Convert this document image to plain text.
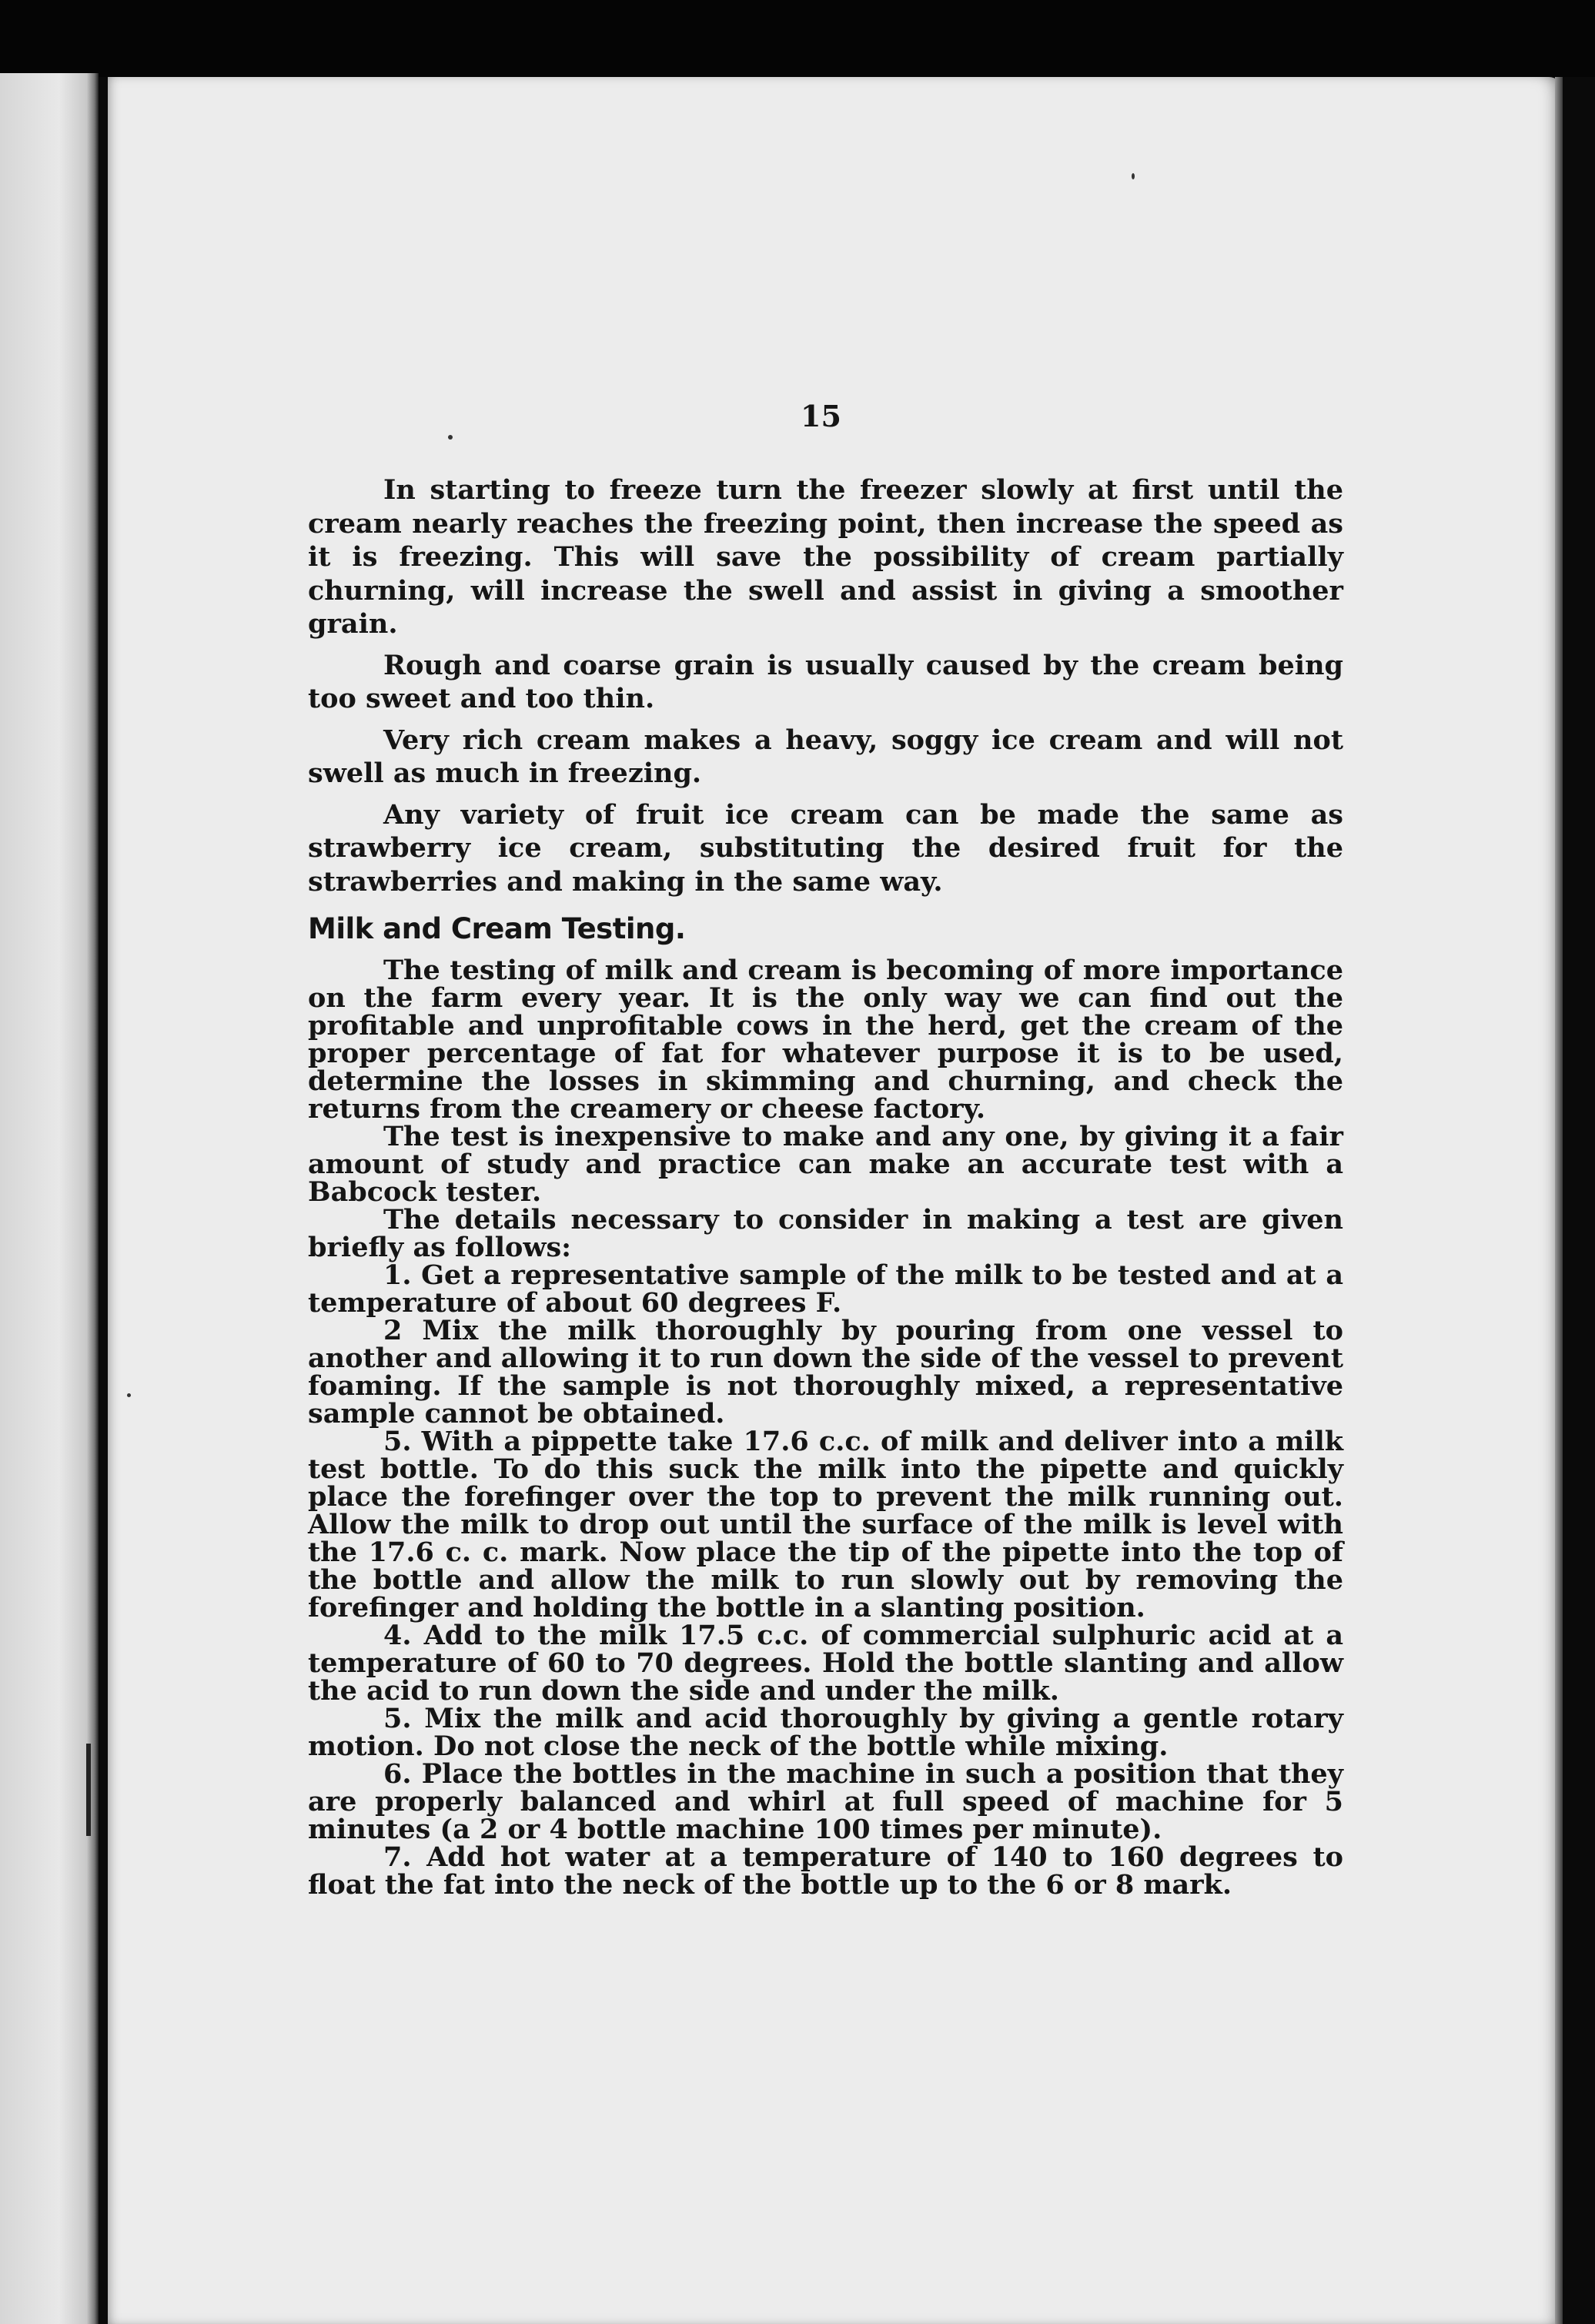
15

In starting to freeze turn the freezer slowly at first until the cream nearly reaches the freezing point, then increase the speed as it is freezing. This will save the possibility of cream partially churning, will increase the swell and assist in giving a smoother grain.

Rough and coarse grain is usually caused by the cream being too sweet and too thin.

Very rich cream makes a heavy, soggy ice cream and will not swell as much in freezing.

Any variety of fruit ice cream can be made the same as strawberry ice cream, substituting the desired fruit for the strawberries and making in the same way.

Milk and Cream Testing.

The testing of milk and cream is becoming of more importance on the farm every year. It is the only way we can find out the profitable and unprofitable cows in the herd, get the cream of the proper percentage of fat for whatever purpose it is to be used, determine the losses in skimming and churning, and check the returns from the creamery or cheese factory.

The test is inexpensive to make and any one, by giving it a fair amount of study and practice can make an accurate test with a Babcock tester.

The details necessary to consider in making a test are given briefly as follows:

1. Get a representative sample of the milk to be tested and at a temperature of about 60 degrees F.

2 Mix the milk thoroughly by pouring from one vessel to another and allowing it to run down the side of the vessel to prevent foaming. If the sample is not thoroughly mixed, a representative sample cannot be obtained.

5. With a pippette take 17.6 c.c. of milk and deliver into a milk test bottle. To do this suck the milk into the pipette and quickly place the forefinger over the top to prevent the milk running out. Allow the milk to drop out until the surface of the milk is level with the 17.6 c. c. mark. Now place the tip of the pipette into the top of the bottle and allow the milk to run slowly out by removing the forefinger and holding the bottle in a slanting position.

4. Add to the milk 17.5 c.c. of commercial sulphuric acid at a temperature of 60 to 70 degrees. Hold the bottle slanting and allow the acid to run down the side and under the milk.

5. Mix the milk and acid thoroughly by giving a gentle rotary motion. Do not close the neck of the bottle while mixing.

6. Place the bottles in the machine in such a position that they are properly balanced and whirl at full speed of machine for 5 minutes (a 2 or 4 bottle machine 100 times per minute).

7. Add hot water at a temperature of 140 to 160 degrees to float the fat into the neck of the bottle up to the 6 or 8 mark.
